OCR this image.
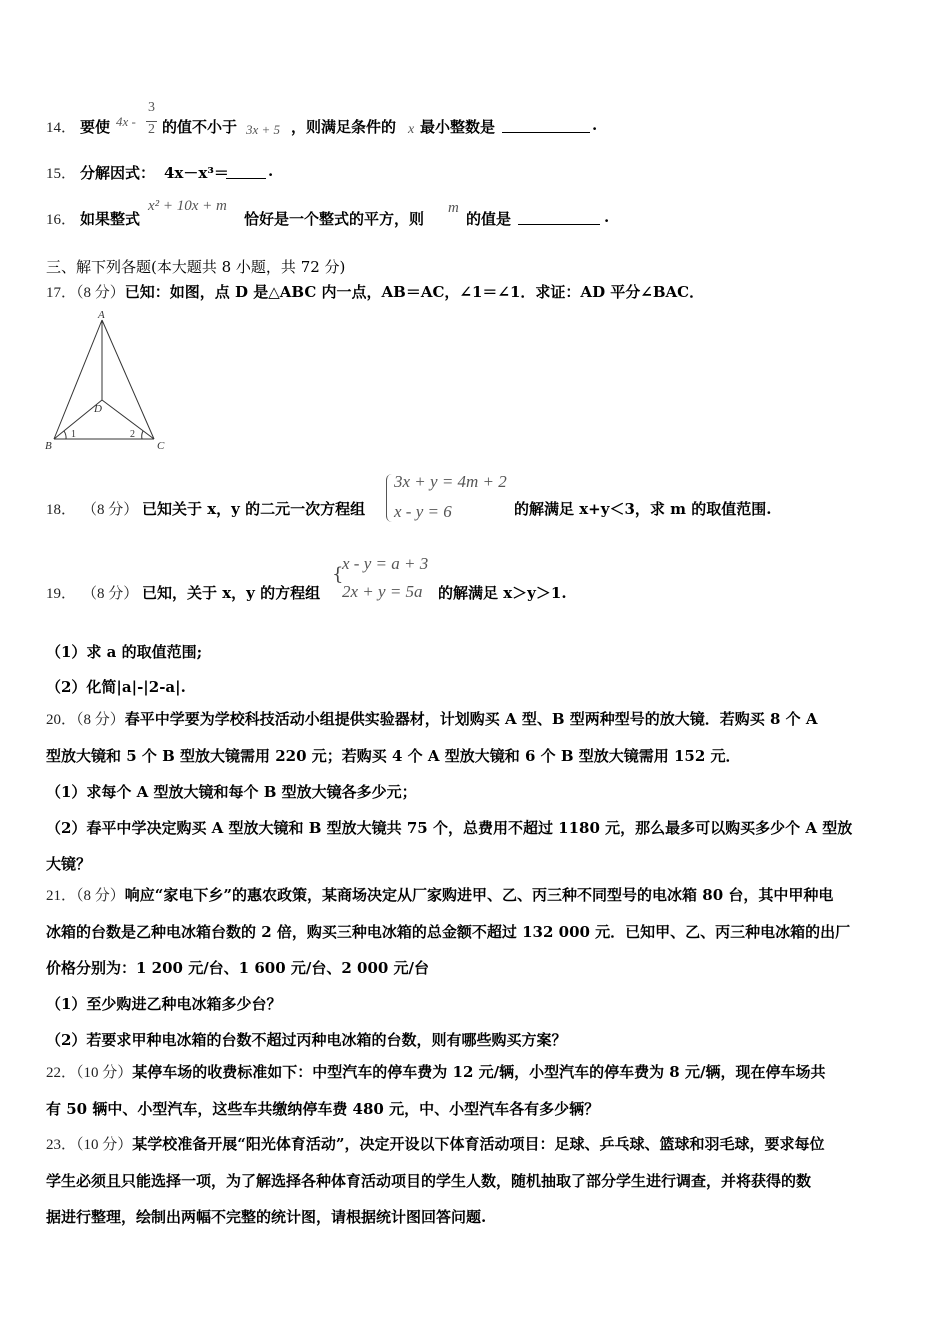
14． 要使 4x -
3
2 的值不小于 3x + 5 ，则满足条件的 x 最小整数是	.
15． 分解因式： 4x－x³＝	.
16． 如果整式
x² + 10x + m
恰好是一个整式的平方，则
m
的值是	.
三、解下列各题(本大题共 8 小题，共 72 分)
17．（8 分）已知：如图，点 D 是△ABC 内一点，AB＝AC，∠1＝∠1．求证：AD 平分∠BAC．
A
B	C
D
1	2
18． （8 分） 已知关于 x，y 的二元一次方程组
3x + y = 4m + 2
x - y = 6	的解满足 x+y＜3，求 m 的取值范围.
19． （8 分） 已知，关于 x，y 的方程组
{
x - y = a + 3
2x + y = 5a 的解满足 x＞y＞1.
（1）求 a 的取值范围;
（2）化简|a|-|2-a|.
20．（8 分）春平中学要为学校科技活动小组提供实验器材，计划购买 A 型、B 型两种型号的放大镜．若购买 8 个 A
型放大镜和 5 个 B 型放大镜需用 220 元；若购买 4 个 A 型放大镜和 6 个 B 型放大镜需用 152 元．
（1）求每个 A 型放大镜和每个 B 型放大镜各多少元；
（2）春平中学决定购买 A 型放大镜和 B 型放大镜共 75 个，总费用不超过 1180 元，那么最多可以购买多少个 A 型放
大镜？
21．（8 分）响应“家电下乡”的惠农政策，某商场决定从厂家购进甲、乙、丙三种不同型号的电冰箱 80 台，其中甲种电
冰箱的台数是乙种电冰箱台数的 2 倍，购买三种电冰箱的总金额不超过 132 000 元．已知甲、乙、丙三种电冰箱的出厂
价格分别为：1 200 元/台、1 600 元/台、2 000 元/台
（1）至少购进乙种电冰箱多少台？
（2）若要求甲种电冰箱的台数不超过丙种电冰箱的台数，则有哪些购买方案？
22．（10 分）某停车场的收费标准如下：中型汽车的停车费为 12 元/辆，小型汽车的停车费为 8 元/辆，现在停车场共
有 50 辆中、小型汽车，这些车共缴纳停车费 480 元，中、小型汽车各有多少辆？
23．（10 分）某学校准备开展“阳光体育活动”，决定开设以下体育活动项目：足球、乒乓球、篮球和羽毛球，要求每位
学生必须且只能选择一项，为了解选择各种体育活动项目的学生人数，随机抽取了部分学生进行调查，并将获得的数
据进行整理，绘制出两幅不完整的统计图，请根据统计图回答问题.
